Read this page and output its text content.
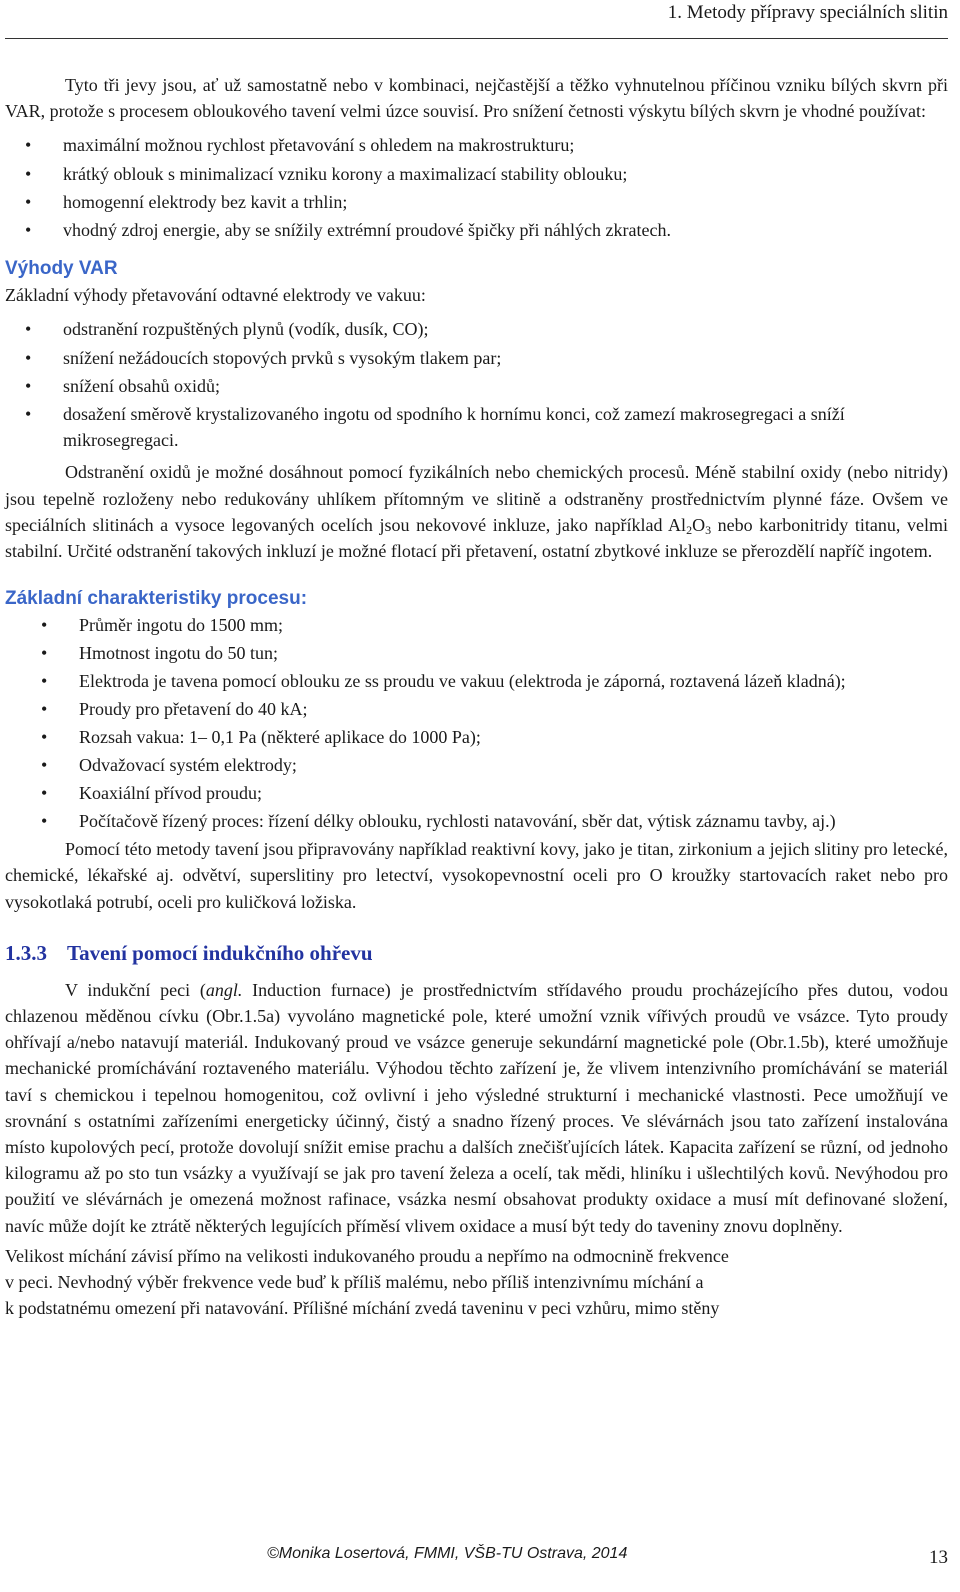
1. Metody přípravy speciálních slitin

Tyto tři jevy jsou, ať už samostatně nebo v kombinaci, nejčastější a těžko vyhnutelnou příčinou vzniku bílých skvrn při VAR, protože s procesem obloukového tavení velmi úzce souvisí. Pro snížení četnosti výskytu bílých skvrn je vhodné používat:

• maximální možnou rychlost přetavování s ohledem na makrostrukturu;
• krátký oblouk s minimalizací vzniku korony a maximalizací stability oblouku;
• homogenní elektrody bez kavit a trhlin;
• vhodný zdroj energie, aby se snížily extrémní proudové špičky při náhlých zkratech.
Výhody VAR

Základní výhody přetavování odtavné elektrody ve vakuu:

• odstranění rozpuštěných plynů (vodík, dusík, CO);
• snížení nežádoucích stopových prvků s vysokým tlakem par;
• snížení obsahů oxidů;
• dosažení směrově krystalizovaného ingotu od spodního k hornímu konci, což zamezí makrosegregaci a sníží mikrosegregaci.

Odstranění oxidů je možné dosáhnout pomocí fyzikálních nebo chemických procesů. Méně stabilní oxidy (nebo nitridy) jsou tepelně rozloženy nebo redukovány uhlíkem přítomným ve slitině a odstraněny prostřednictvím plynné fáze. Ovšem ve speciálních slitinách a vysoce legovaných ocelích jsou nekovové inkluze, jako například $Al_2O_3$ nebo karbonitridy titanu, velmi stabilní. Určité odstranění takových inkluzí je možné flotací při přetavení, ostatní zbytkové inkluze se přerozdělí napříč ingotem.

Základní charakteristiky procesu:
• Průměr ingotu do 1500 mm;
• Hmotnost ingotu do 50 tun;
• Elektroda je tavena pomocí oblouku ze ss proudu ve vakuu (elektroda je záporná, roztavená lázeň kladná);
• Proudy pro přetavení do 40 kA;
• Rozsah vakua: 1– 0,1 Pa (některé aplikace do 1000 Pa);
• Odvažovací systém elektrody;
• Koaxiální přívod proudu;
• Počítačově řízený proces: řízení délky oblouku, rychlosti natavování, sběr dat, výtisk záznamu tavby, aj.)

Pomocí této metody tavení jsou připravovány například reaktivní kovy, jako je titan, zirkonium a jejich slitiny pro letecké, chemické, lékařské aj. odvětví, superslitiny pro letectví, vysokopevnostní oceli pro O kroužky startovacích raket nebo pro vysokotlaká potrubí, oceli pro kuličková ložiska.

1.3.3 Tavení pomocí indukčního ohřevu

V indukční peci (angl. Induction furnace) je prostřednictvím střídavého proudu procházejícího přes dutou, vodou chlazenou měděnou cívku (Obr.1.5a) vyvoláno magnetické pole, které umožní vznik vířivých proudů ve vsázce. Tyto proudy ohřívají a/nebo natavují materiál. Indukovaný proud ve vsázce generuje sekundární magnetické pole (Obr.1.5b), které umožňuje mechanické promíchávání roztaveného materiálu. Výhodou těchto zařízení je, že vlivem intenzivního promíchávání se materiál taví s chemickou i tepelnou homogenitou, což ovlivní i jeho výsledné strukturní i mechanické vlastnosti. Pece umožňují ve srovnání s ostatními zařízeními energeticky účinný, čistý a snadno řízený proces. Ve slévárnách jsou tato zařízení instalována místo kupolových pecí, protože dovolují snížit emise prachu a dalších znečišťujících látek. Kapacita zařízení se různí, od jednoho kilogramu až po sto tun vsázky a využívají se jak pro tavení železa a ocelí, tak mědi, hliníku i ušlechtilých kovů. Nevýhodou pro použití ve slévárnách je omezená možnost rafinace, vsázka nesmí obsahovat produkty oxidace a musí mít definované složení, navíc může dojít ke ztrátě některých legujících příměsí vlivem oxidace a musí být tedy do taveniny znovu doplněny.

Velikost míchání závisí přímo na velikosti indukovaného proudu a nepřímo na odmocnině frekvence
v peci. Nevhodný výběr frekvence vede buď k příliš malému, nebo příliš intenzivnímu míchání a
k podstatnému omezení při natavování. Přílišné míchání zvedá taveninu v peci vzhůru, mimo stěny
©Monika Losertová, FMMI, VŠB-TU Ostrava, 2014	13
